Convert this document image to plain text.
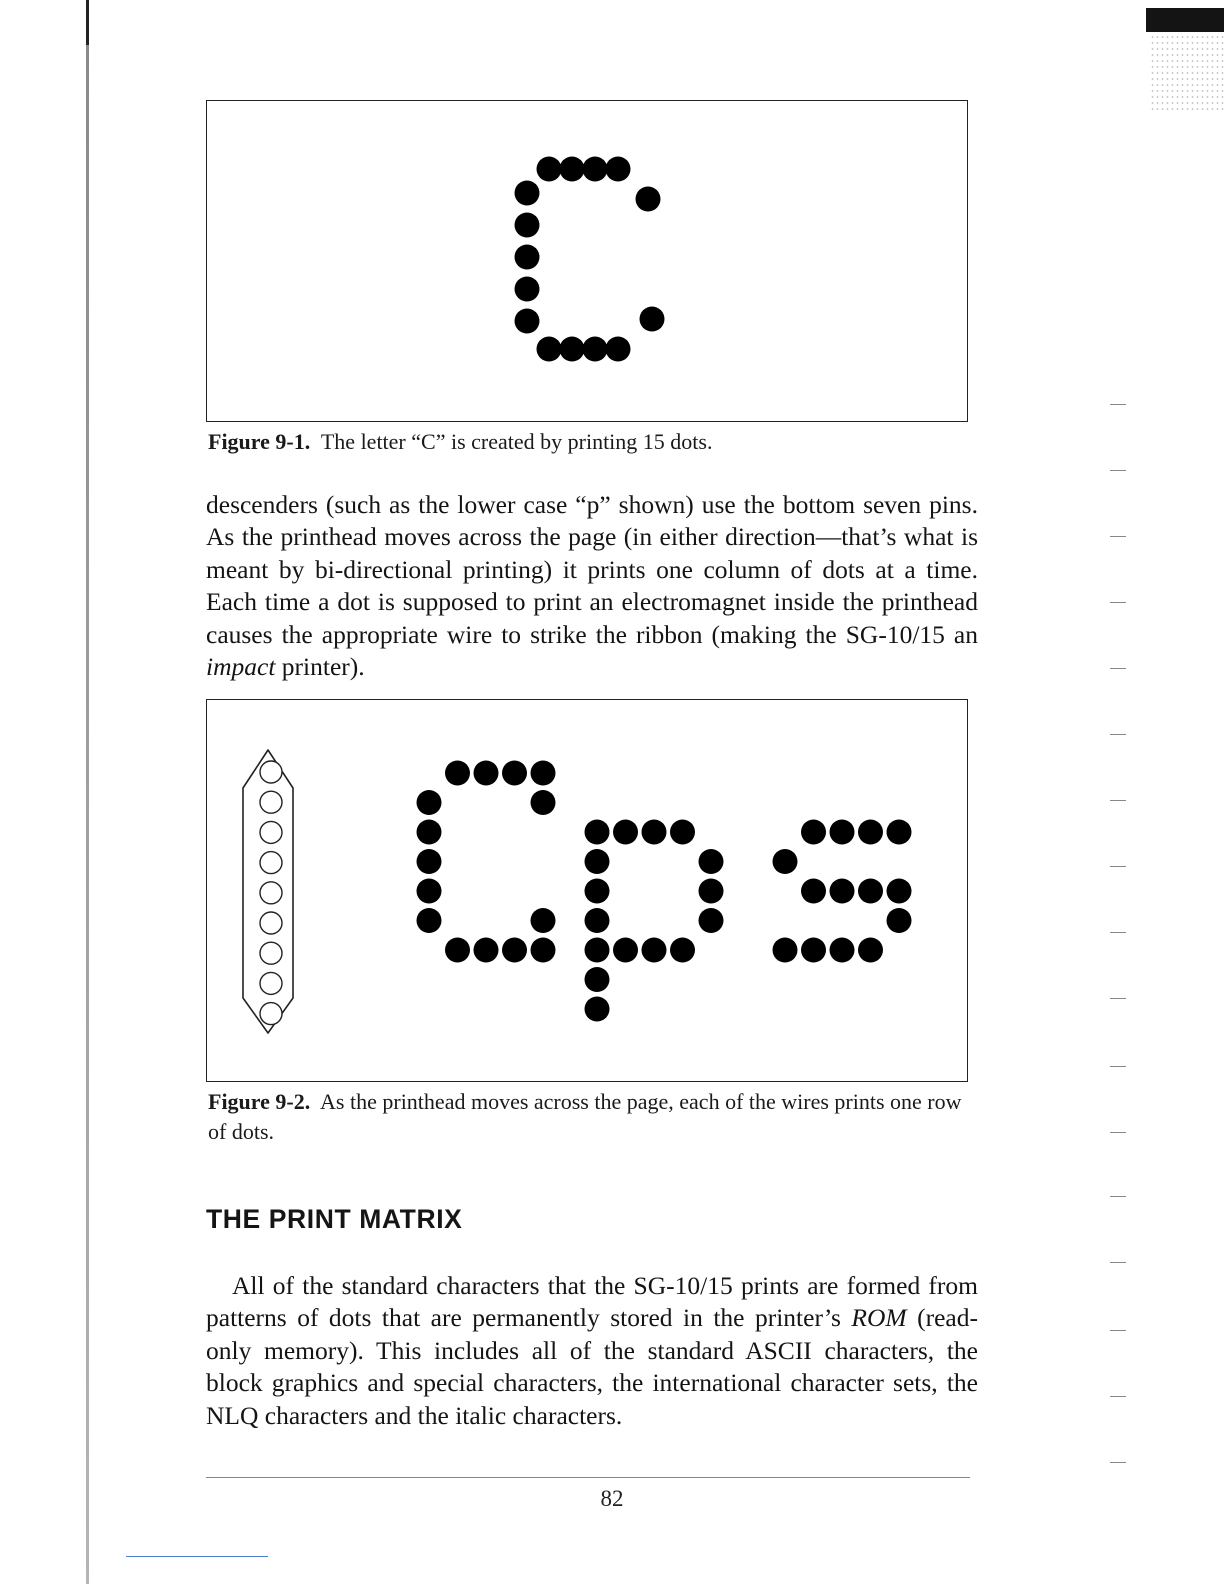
Figure 9-1. The letter “C” is created by printing 15 dots.

descenders (such as the lower case “p” shown) use the bottom seven pins. As the printhead moves across the page (in either direction—that’s what is meant by bi-directional printing) it prints one column of dots at a time. Each time a dot is supposed to print an electromagnet inside the printhead causes the appropriate wire to strike the ribbon (making the SG-10/15 an impact printer).

Figure 9-2. As the printhead moves across the page, each of the wires prints one row of dots.
THE PRINT MATRIX

All of the standard characters that the SG-10/15 prints are formed from patterns of dots that are permanently stored in the printer’s ROM (read-only memory). This includes all of the standard ASCII characters, the block graphics and special characters, the international character sets, the NLQ characters and the italic characters.

82
